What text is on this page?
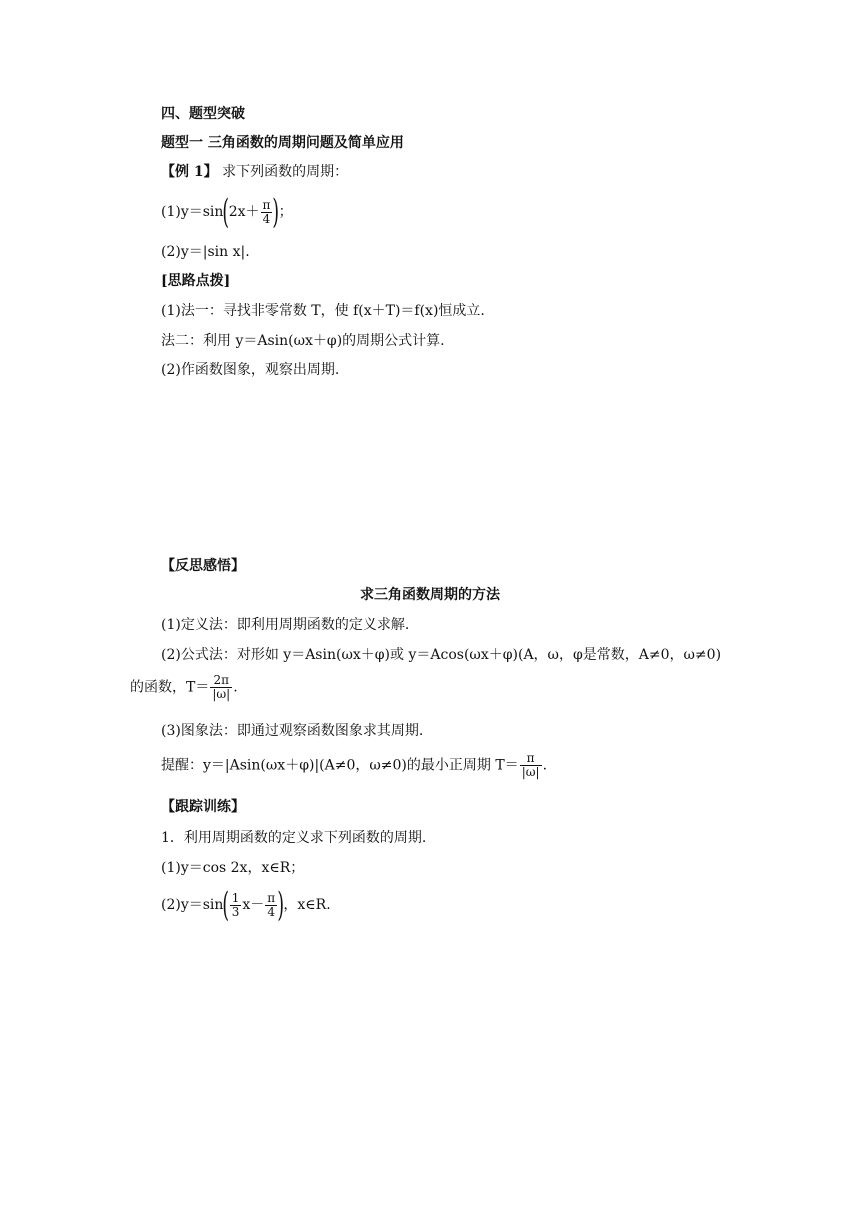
四、题型突破
题型一 三角函数的周期问题及简单应用
【例 1】 求下列函数的周期：
$(1)y=\sin(2x+ \frac{\pi}{4}$ )；
(2)y＝|sin x|.
[思路点拨]
(1)法一：寻找非零常数 T，使 f(x＋T)＝f(x)恒成立.
法二：利用 y＝Asin(ωx＋φ)的周期公式计算.
(2)作函数图象，观察出周期.
【反思感悟】
求三角函数周期的方法
(1)定义法：即利用周期函数的定义求解.
(2)公式法：对形如 y＝Asin(ωx＋φ)或 y＝Acos(ωx＋φ)(A，ω，φ是常数，A≠0，ω≠0)
的函数，$T= \frac{2\pi}{|\omega|}$ .
(3)图象法：即通过观察函数图象求其周期.
提醒：y＝|Asin(ωx＋φ)|(A≠0，ω≠0)的最小正周期 $T= \frac{\pi}{|\omega|}$ .
【跟踪训练】
1．利用周期函数的定义求下列函数的周期.
(1)y＝cos 2x，x∈R；
$(2)y=\sin( \frac{1}{3} x- \frac{\pi}{4}$ )，x∈R.
